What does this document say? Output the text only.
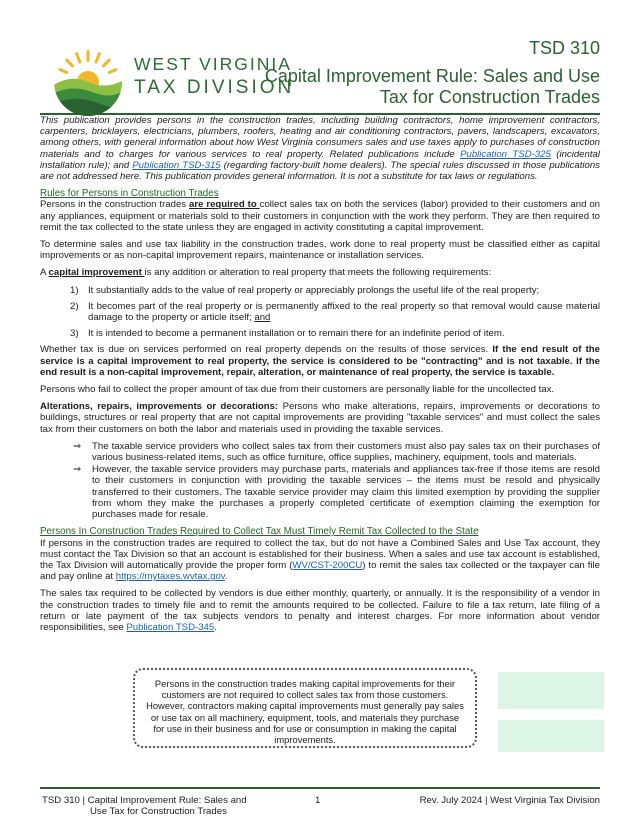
WEST VIRGINIA
TAX DIVISION
TSD 310
Capital Improvement Rule: Sales and Use Tax for Construction Trades

This publication provides persons in the construction trades, including building contractors, home improvement contractors, carpenters, bricklayers, electricians, plumbers, roofers, heating and air conditioning contractors, pavers, landscapers, excavators, among others, with general information about how West Virginia consumers sales and use taxes apply to purchases of construction materials and to charges for various services to real property. Related publications include Publication TSD-325 (incidental installation rule); and Publication TSD-315 (regarding factory-built home dealers). The special rules discussed in those publications are not addressed here. This publication provides general information. It is not a substitute for tax laws or regulations.

Rules for Persons in Construction Trades

Persons in the construction trades are required to collect sales tax on both the services (labor) provided to their customers and on any appliances, equipment or materials sold to their customers in conjunction with the work they perform. They are then required to remit the tax collected to the state unless they are engaged in activity constituting a capital improvement.

To determine sales and use tax liability in the construction trades, work done to real property must be classified either as capital improvements or as non-capital improvement repairs, maintenance or installation services.

A capital improvement is any addition or alteration to real property that meets the following requirements:

1) It substantially adds to the value of real property or appreciably prolongs the useful life of the real property;
2) It becomes part of the real property or is permanently affixed to the real property so that removal would cause material damage to the property or article itself; and
3) It is intended to become a permanent installation or to remain there for an indefinite period of item.

Whether tax is due on services performed on real property depends on the results of those services. If the end result of the service is a capital improvement to real property, the service is considered to be "contracting" and is not taxable. If the end result is a non-capital improvement, repair, alteration, or maintenance of real property, the service is taxable.

Persons who fail to collect the proper amount of tax due from their customers are personally liable for the uncollected tax.

Alterations, repairs, improvements or decorations: Persons who make alterations, repairs, improvements or decorations to buildings, structures or real property that are not capital improvements are providing "taxable services" and must collect the sales tax from their customers on both the labor and materials used in providing the taxable services.

⇒ The taxable service providers who collect sales tax from their customers must also pay sales tax on their purchases of various business-related items, such as office furniture, office supplies, machinery, equipment, tools and materials.
⇒ However, the taxable service providers may purchase parts, materials and appliances tax-free if those items are resold to their customers in conjunction with providing the taxable services – the items must be resold and physically transferred to their customers. The taxable service provider may claim this limited exemption by providing the supplier from whom they make the purchases a properly completed certificate of exemption claiming the exemption for purchases made for resale.
Persons In Construction Trades Required to Collect Tax Must Timely Remit Tax Collected to the State

If persons in the construction trades are required to collect the tax, but do not have a Combined Sales and Use Tax account, they must contact the Tax Division so that an account is established for their business. When a sales and use tax account is established, the Tax Division will automatically provide the proper form (WV/CST-200CU) to remit the sales tax collected or the taxpayer can file and pay online at https://mytaxes.wvtax.gov.

The sales tax required to be collected by vendors is due either monthly, quarterly, or annually. It is the responsibility of a vendor in the construction trades to timely file and to remit the amounts required to be collected. Failure to file a tax return, late filing of a return or late payment of the tax subjects vendors to penalty and interest charges. For more information about vendor responsibilities, see Publication TSD-345.

Persons in the construction trades making capital improvements for their customers are not required to collect sales tax from those customers. However, contractors making capital improvements must generally pay sales or use tax on all machinery, equipment, tools, and materials they purchase for use in their business and for use or consumption in making the capital improvements.
TSD 310 | Capital Improvement Rule: Sales and
Use Tax for Construction Trades
1	Rev. July 2024 | West Virginia Tax Division
